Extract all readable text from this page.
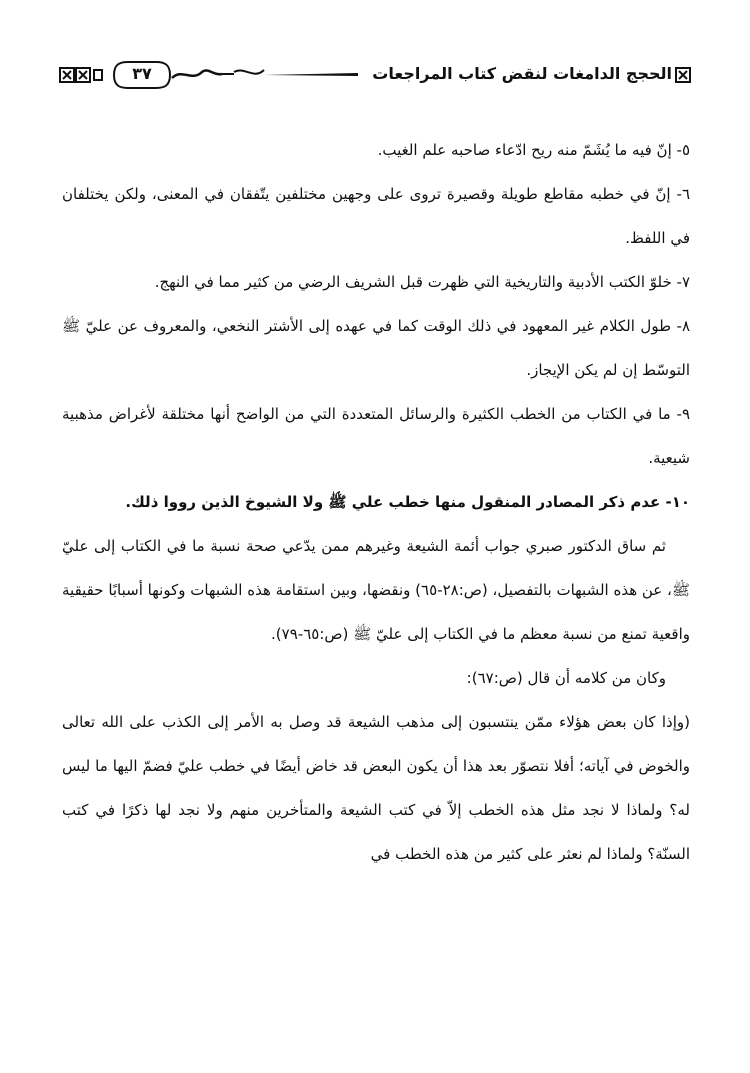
الحجج الدامغات لنقض كتاب المراجعات
٣٧

٥- إنّ فيه ما يُشَمّ منه ريح ادّعاء صاحبه علم الغيب.

٦- إنّ في خطبه مقاطع طويلة وقصيرة تروى على وجهين مختلفين يتّفقان في المعنى، ولكن يختلفان في اللفظ.

٧- خلوّ الكتب الأدبية والتاريخية التي ظهرت قبل الشريف الرضي من كثير مما في النهج.

٨- طول الكلام غير المعهود في ذلك الوقت كما في عهده إلى الأشتر النخعي، والمعروف عن عليّ ﷺ التوسّط إن لم يكن الإيجاز.

٩- ما في الكتاب من الخطب الكثيرة والرسائل المتعددة التي من الواضح أنها مختلقة لأغراض مذهبية شيعية.

١٠- عدم ذكر المصادر المنقول منها خطب علي ﷺ ولا الشيوخ الذين رووا ذلك.

ثم ساق الدكتور صبري جواب أئمة الشيعة وغيرهم ممن يدّعي صحة نسبة ما في الكتاب إلى عليّ ﷺ، عن هذه الشبهات بالتفصيل، (ص:٢٨-٦٥) ونقضها، وبين استقامة هذه الشبهات وكونها أسبابًا حقيقية واقعية تمنع من نسبة معظم ما في الكتاب إلى عليّ ﷺ (ص:٦٥-٧٩).

وكان من كلامه أن قال (ص:٦٧):

(وإذا كان بعض هؤلاء ممّن ينتسبون إلى مذهب الشيعة قد وصل به الأمر إلى الكذب على الله تعالى والخوض في آياته؛ أفلا نتصوّر بعد هذا أن يكون البعض قد خاض أيضًا في خطب عليّ فضمّ اليها ما ليس له؟ ولماذا لا نجد مثل هذه الخطب إلاّ في كتب الشيعة والمتأخرين منهم ولا نجد لها ذكرًا في كتب السنّة؟ ولماذا لم نعثر على كثير من هذه الخطب في
